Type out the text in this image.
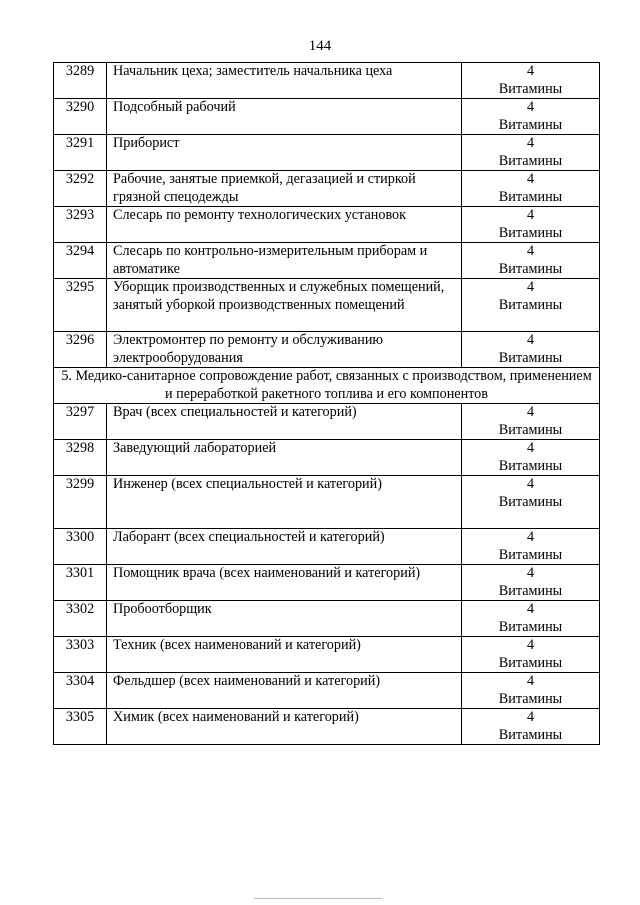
144
3289	Начальник цеха; заместитель начальника цеха	4
Витамины

3290	Подсобный рабочий	4
Витамины

3291	Приборист	4
Витамины

3292	Рабочие, занятые приемкой, дегазацией и стиркой грязной спецодежды	4
Витамины

3293	Слесарь по ремонту технологических установок	4
Витамины

3294	Слесарь по контрольно-измерительным приборам и автоматике	4
Витамины

3295	Уборщик производственных и служебных помещений, занятый уборкой производственных помещений	4
Витамины

3296	Электромонтер по ремонту и обслуживанию электрооборудования	4
Витамины

5. Медико-санитарное сопровождение работ, связанных с производством, применением и переработкой ракетного топлива и его компонентов		
3297	Врач (всех специальностей и категорий)	4
Витамины

3298	Заведующий лабораторией	4
Витамины

3299	Инженер (всех специальностей и категорий)	4
Витамины

3300	Лаборант (всех специальностей и категорий)	4
Витамины

3301	Помощник врача (всех наименований и категорий)	4
Витамины

3302	Пробоотборщик	4
Витамины

3303	Техник (всех наименований и категорий)	4
Витамины

3304	Фельдшер (всех наименований и категорий)	4
Витамины

3305	Химик (всех наименований и категорий)	4
Витамины
